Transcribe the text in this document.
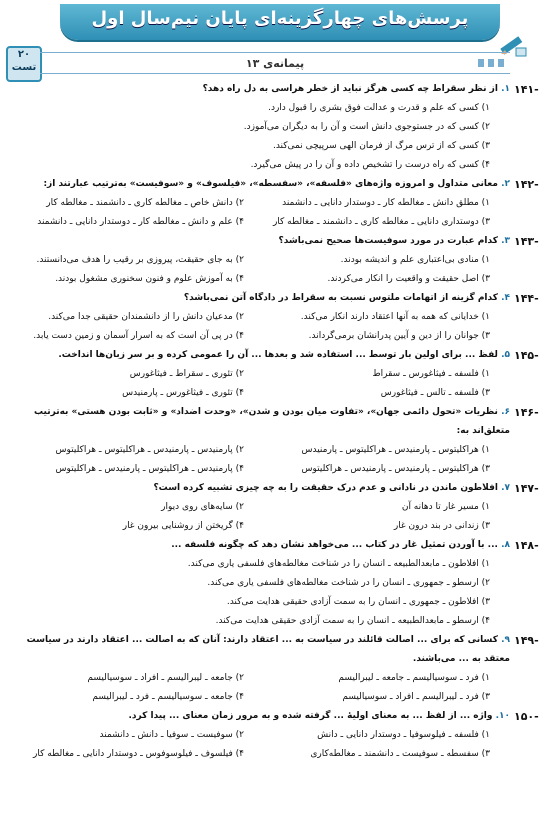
پرسش‌های چهارگزینه‌ای پایان نیم‌سال اول
۲۰
تست	پیمانه‌ی ۱۳
-۱۴۱
۱. از نظر سقراط چه کسی هرگز نباید از خطر هراسی به دل راه دهد؟
۱) کسی که علم و قدرت و عدالت فوق بشری را قبول دارد.
۲) کسی که در جستوجوی دانش است و آن را به دیگران می‌آموزد.
۳) کسی که از ترس مرگ از فرمان الهی سرپیچی نمی‌کند.
۴) کسی که راه درست را تشخیص داده و آن را در پیش می‌گیرد.
-۱۴۲
۲. معانی متداول و امروزه واژه‌های «فلسفه»، «سفسطه»، «فیلسوف» و «سوفیست» به‌ترتیب عبارتند از:
۱) مطلق دانش ـ مغالطه کار ـ دوستدار دانایی ـ دانشمند
۲) دانش خاص ـ مغالطه کاری ـ دانشمند ـ مغالطه کار
۳) دوستداری دانایی ـ مغالطه کاری ـ دانشمند ـ مغالطه کار
۴) علم و دانش ـ مغالطه کار ـ دوستدار دانایی ـ دانشمند
-۱۴۳
۳. کدام عبارت در مورد سوفیست‌ها صحیح نمی‌باشد؟
۱) منادی بی‌اعتباری علم و اندیشه بودند.
۲) به جای حقیقت، پیروزی بر رقیب را هدف می‌دانستند.
۳) اصل حقیقت و واقعیت را انکار می‌کردند.
۴) به آموزش علوم و فنون سخنوری مشغول بودند.
-۱۴۴
۴. کدام گزینه از اتهامات ملتوس نسبت به سقراط در دادگاه آتن نمی‌باشد؟
۱) خدایانی که همه به آنها اعتقاد دارند انکار می‌کند.
۲) مدعیان دانش را از دانشمندان حقیقی جدا می‌کند.
۳) جوانان را از دین و آیین پدرانشان برمی‌گرداند.
۴) در پی آن است که به اسرار آسمان و زمین دست یابد.
-۱۴۵
۵. لفظ ... برای اولین بار توسط ... استفاده شد و بعدها ... آن را عمومی کرده و بر سر زبان‌ها انداخت.
۱) فلسفه ـ فیثاغورس ـ سقراط
۲) تئوری ـ سقراط ـ فیثاغورس
۳) فلسفه ـ تالس ـ فیثاغورس
۴) تئوری ـ فیثاغورس ـ پارمنیدس
-۱۴۶
۶. نظریات «تحول دائمی جهان»، «تفاوت میان بودن و شدن»، «وحدت اضداد» و «ثابت بودن هستی» به‌ترتیب متعلق‌اند به:
۱) هراکلیتوس ـ پارمنیدس ـ هراکلیتوس ـ پارمنیدس
۲) پارمنیدس ـ پارمنیدس ـ هراکلیتوس ـ هراکلیتوس
۳) هراکلیتوس ـ پارمنیدس ـ پارمنیدس ـ هراکلیتوس
۴) پارمنیدس ـ هراکلیتوس ـ پارمنیدس ـ هراکلیتوس
-۱۴۷
۷. افلاطون ماندن در نادانی و عدم درک حقیقت را به چه چیزی تشبیه کرده است؟
۱) مسیر غار تا دهانه آن
۲) سایه‌های روی دیوار
۳) زندانی در بند درون غار
۴) گریختن از روشنایی بیرون غار
-۱۴۸
۸. ... با آوردن تمثیل غار در کتاب ... می‌خواهد نشان دهد که چگونه فلسفه ...
۱) افلاطون ـ مابعدالطبیعه ـ انسان را در شناخت مغالطه‌های فلسفی یاری می‌کند.
۲) ارسطو ـ جمهوری ـ انسان را در شناخت مغالطه‌های فلسفی یاری می‌کند.
۳) افلاطون ـ جمهوری ـ انسان را به سمت آزادی حقیقی هدایت می‌کند.
۴) ارسطو ـ مابعدالطبیعه ـ انسان را به سمت آزادی حقیقی هدایت می‌کند.
-۱۴۹
۹. کسانی که برای ... اصالت قائلند در سیاست به ... اعتقاد دارند: آنان که به اصالت ... اعتقاد دارند در سیاست معتقد به ... می‌باشند.
۱) فرد ـ سوسیالیسم ـ جامعه ـ لیبرالیسم
۲) جامعه ـ لیبرالیسم ـ افراد ـ سوسیالیسم
۳) فرد ـ لیبرالیسم ـ افراد ـ سوسیالیسم
۴) جامعه ـ سوسیالیسم ـ فرد ـ لیبرالیسم
-۱۵۰
۱۰. واژه ... از لفظ ... به معنای اولیهٔ ... گرفته شده و به مرور زمان معنای ... پیدا کرد.
۱) فلسفه ـ فیلوسوفیا ـ دوستدار دانایی ـ دانش
۲) سوفیست ـ سوفیا ـ دانش ـ دانشمند
۳) سفسطه ـ سوفیست ـ دانشمند ـ مغالطه‌کاری
۴) فیلسوف ـ فیلوسوفوس ـ دوستدار دانایی ـ مغالطه کار
